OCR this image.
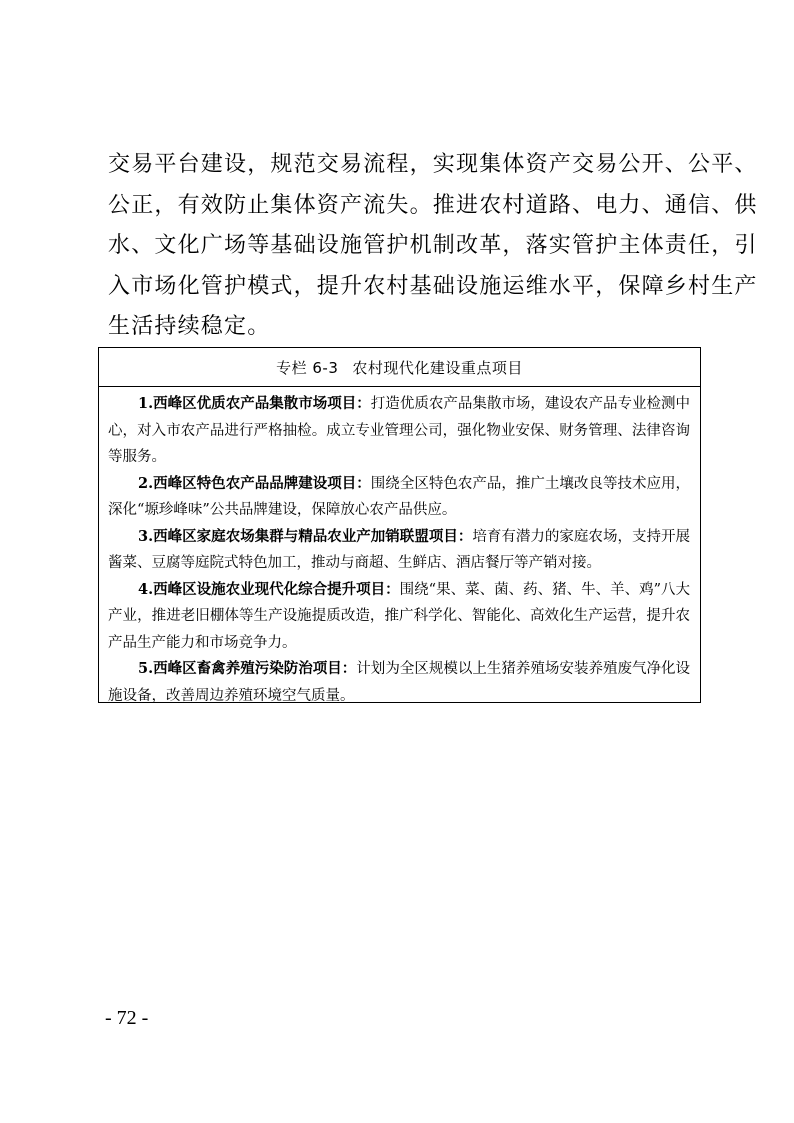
交易平台建设，规范交易流程，实现集体资产交易公开、公平、
公正，有效防止集体资产流失。推进农村道路、电力、通信、供
水、文化广场等基础设施管护机制改革，落实管护主体责任，引
入市场化管护模式，提升农村基础设施运维水平，保障乡村生产
生活持续稳定。
专栏 6-3 农村现代化建设重点项目

1.西峰区优质农产品集散市场项目：打造优质农产品集散市场，建设农产品专业检测中心，对入市农产品进行严格抽检。成立专业管理公司，强化物业安保、财务管理、法律咨询等服务。

2.西峰区特色农产品品牌建设项目：围绕全区特色农产品，推广土壤改良等技术应用，深化“塬珍峰味”公共品牌建设，保障放心农产品供应。

3.西峰区家庭农场集群与精品农业产加销联盟项目：培育有潜力的家庭农场，支持开展酱菜、豆腐等庭院式特色加工，推动与商超、生鲜店、酒店餐厅等产销对接。

4.西峰区设施农业现代化综合提升项目：围绕“果、菜、菌、药、猪、牛、羊、鸡”八大产业，推进老旧棚体等生产设施提质改造，推广科学化、智能化、高效化生产运营，提升农产品生产能力和市场竞争力。

5.西峰区畜禽养殖污染防治项目：计划为全区规模以上生猪养殖场安装养殖废气净化设施设备，改善周边养殖环境空气质量。

- 72 -
